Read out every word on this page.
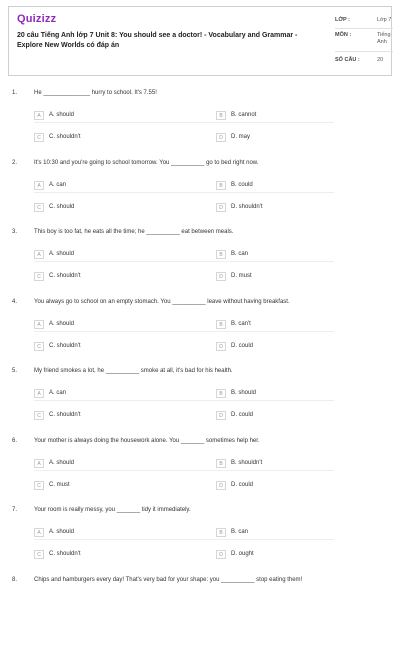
Quizizz
20 câu Tiếng Anh lớp 7 Unit 8: You should see a doctor! - Vocabulary and Grammar - Explore New Worlds có đáp án
LỚP :	Lớp 7
MÔN :	Tiếng Anh
SỐ CÂU :	20
1.	He ______________ hurry to school. It's 7.55!
A	A. should	B	B. cannot
C	C. shouldn't	D	D. may
2.	It's 10:30 and you're going to school tomorrow. You __________ go to bed right now.
A	A. can	B	B. could
C	C. should	D	D. shouldn't
3.	This boy is too fat, he eats all the time; he __________ eat between meals.
A	A. should	B	B. can
C	C. shouldn't	D	D. must
4.	You always go to school on an empty stomach. You __________ leave without having breakfast.
A	A. should	B	B. can't
C	C. shouldn't	D	D. could
5.	My friend smokes a lot, he __________ smoke at all, it's bad for his health.
A	A. can	B	B. should
C	C. shouldn't	D	D. could
6.	Your mother is always doing the housework alone. You _______ sometimes help her.
A	A. should	B	B. shouldn't
C	C. must	D	D. could
7.	Your room is really messy, you _______ tidy it immediately.
A	A. should	B	B. can
C	C. shouldn't	D	D. ought
8.	Chips and hamburgers every day! That's very bad for your shape: you __________ stop eating them!
